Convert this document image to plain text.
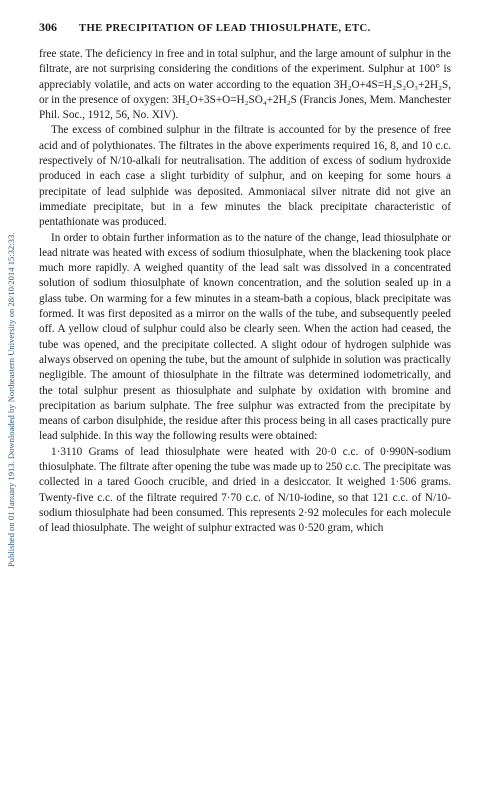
Published on 01 January 1913. Downloaded by Northeastern University on 28/10/2014 15:32:33.
306 THE PRECIPITATION OF LEAD THIOSULPHATE, ETC.

free state. The deficiency in free and in total sulphur, and the large amount of sulphur in the filtrate, are not surprising considering the conditions of the experiment. Sulphur at 100° is appreciably volatile, and acts on water according to the equation 3H₂O+4S=H₂S₂O₃+2H₂S, or in the presence of oxygen: 3H₂O+3S+O=H₂SO₄+2H₂S (Francis Jones, Mem. Manchester Phil. Soc., 1912, 56, No. XIV).

The excess of combined sulphur in the filtrate is accounted for by the presence of free acid and of polythionates. The filtrates in the above experiments required 16, 8, and 10 c.c. respectively of N/10-alkali for neutralisation. The addition of excess of sodium hydroxide produced in each case a slight turbidity of sulphur, and on keeping for some hours a precipitate of lead sulphide was deposited. Ammoniacal silver nitrate did not give an immediate precipitate, but in a few minutes the black precipitate characteristic of pentathionate was produced.

In order to obtain further information as to the nature of the change, lead thiosulphate or lead nitrate was heated with excess of sodium thiosulphate, when the blackening took place much more rapidly. A weighed quantity of the lead salt was dissolved in a concentrated solution of sodium thiosulphate of known concentration, and the solution sealed up in a glass tube. On warming for a few minutes in a steam-bath a copious, black precipitate was formed. It was first deposited as a mirror on the walls of the tube, and subsequently peeled off. A yellow cloud of sulphur could also be clearly seen. When the action had ceased, the tube was opened, and the precipitate collected. A slight odour of hydrogen sulphide was always observed on opening the tube, but the amount of sulphide in solution was practically negligible. The amount of thiosulphate in the filtrate was determined iodometrically, and the total sulphur present as thiosulphate and sulphate by oxidation with bromine and precipitation as barium sulphate. The free sulphur was extracted from the precipitate by means of carbon disulphide, the residue after this process being in all cases practically pure lead sulphide. In this way the following results were obtained:

1·3110 Grams of lead thiosulphate were heated with 20·0 c.c. of 0·990N-sodium thiosulphate. The filtrate after opening the tube was made up to 250 c.c. The precipitate was collected in a tared Gooch crucible, and dried in a desiccator. It weighed 1·506 grams. Twenty-five c.c. of the filtrate required 7·70 c.c. of N/10-iodine, so that 121 c.c. of N/10-sodium thiosulphate had been consumed. This represents 2·92 molecules for each molecule of lead thiosulphate. The weight of sulphur extracted was 0·520 gram, which
